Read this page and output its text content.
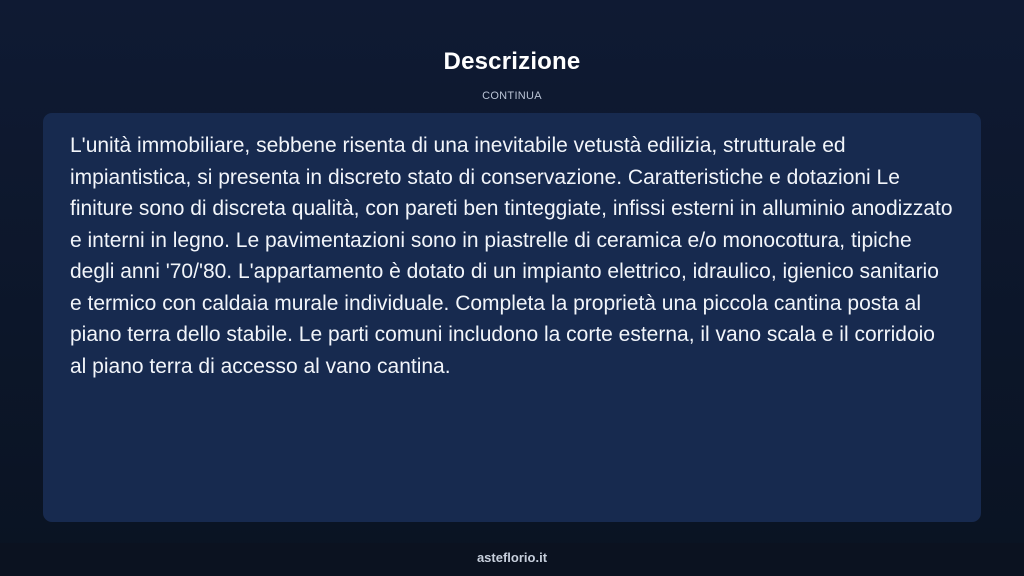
Descrizione
CONTINUA

L'unità immobiliare, sebbene risenta di una inevitabile vetustà edilizia, strutturale ed impiantistica, si presenta in discreto stato di conservazione. Caratteristiche e dotazioni Le finiture sono di discreta qualità, con pareti ben tinteggiate, infissi esterni in alluminio anodizzato e interni in legno. Le pavimentazioni sono in piastrelle di ceramica e/o monocottura, tipiche degli anni '70/'80. L'appartamento è dotato di un impianto elettrico, idraulico, igienico sanitario e termico con caldaia murale individuale. Completa la proprietà una piccola cantina posta al piano terra dello stabile. Le parti comuni includono la corte esterna, il vano scala e il corridoio al piano terra di accesso al vano cantina.

asteflorio.it
